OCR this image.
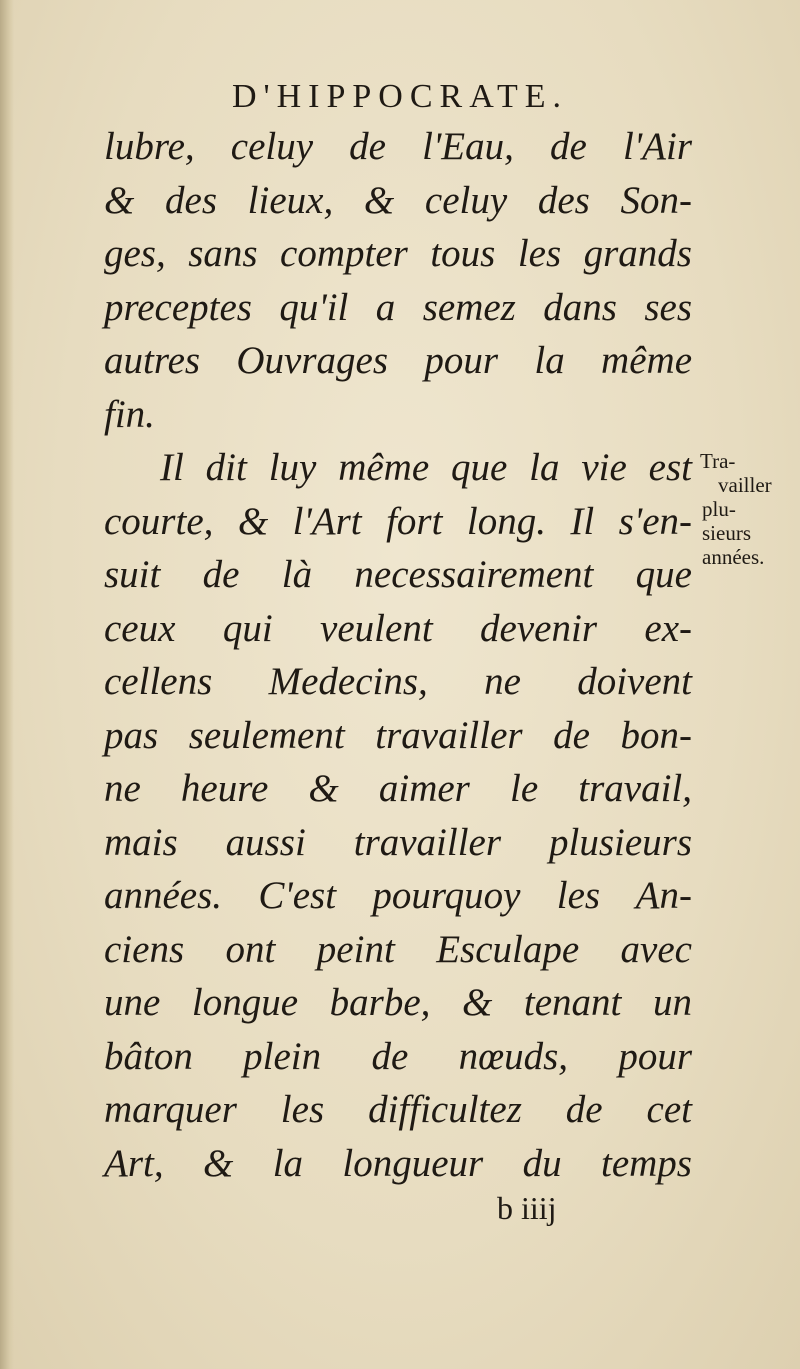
D'HIPPOCRATE.
lubre, celuy de l'Eau, de l'Air
& des lieux, & celuy des Son-
ges, sans compter tous les grands
preceptes qu'il a semez dans ses
autres Ouvrages pour la même
fin.
Il dit luy même que la vie est
courte, & l'Art fort long. Il s'en-
suit de là necessairement que
ceux qui veulent devenir ex-
cellens Medecins, ne doivent
pas seulement travailler de bon-
ne heure & aimer le travail,
mais aussi travailler plusieurs
années. C'est pourquoy les An-
ciens ont peint Esculape avec
une longue barbe, & tenant un
bâton plein de nœuds, pour
marquer les difficultez de cet
Art, & la longueur du temps
Tra-
vailler
plu-
sieurs
années.
b iiij
